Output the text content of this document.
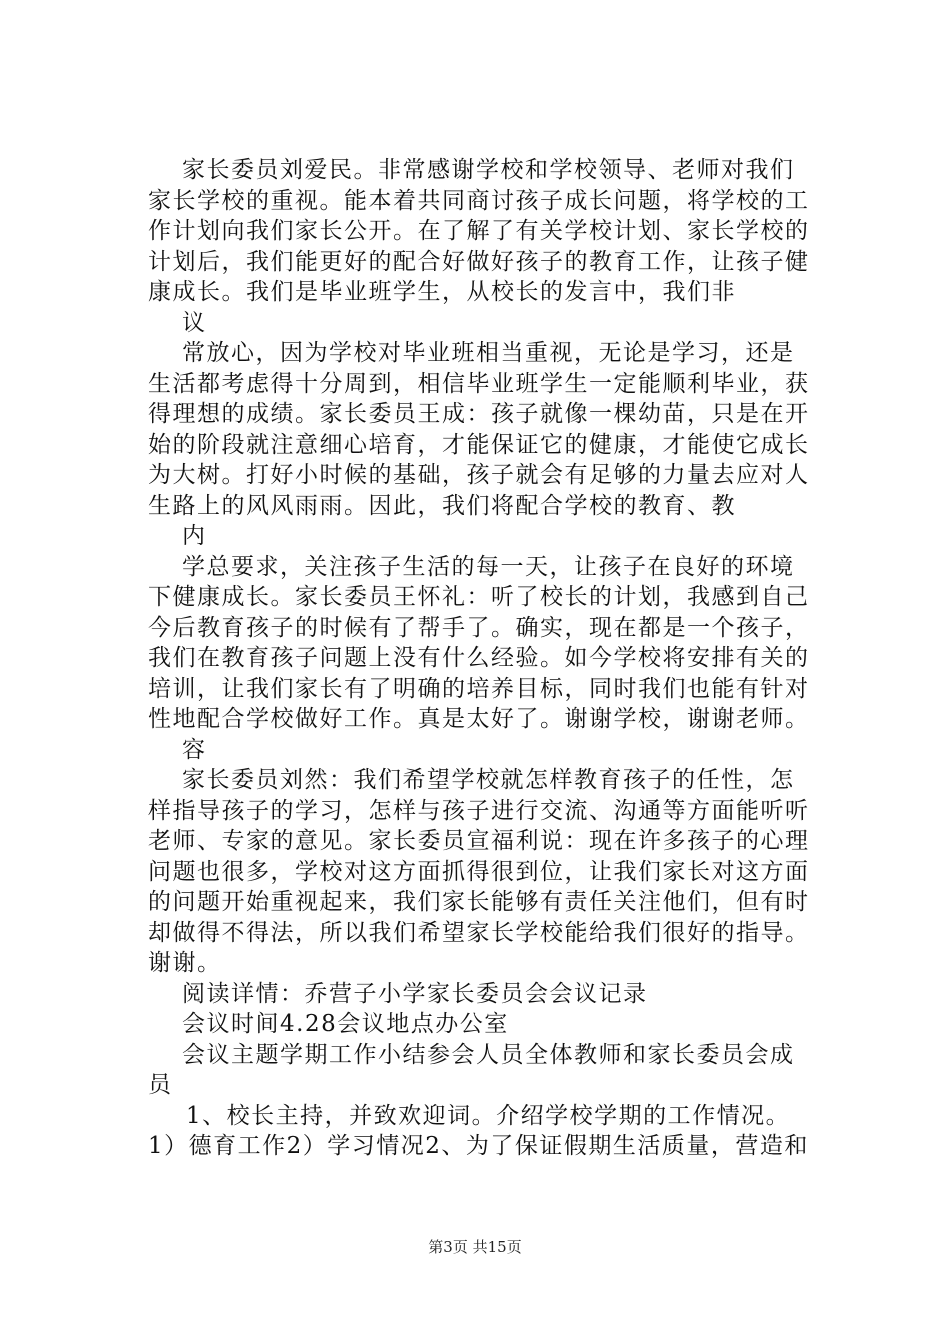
家长委员刘爱民。非常感谢学校和学校领导、老师对我们
家长学校的重视。能本着共同商讨孩子成长问题，将学校的工
作计划向我们家长公开。在了解了有关学校计划、家长学校的
计划后，我们能更好的配合好做好孩子的教育工作，让孩子健
康成长。我们是毕业班学生，从校长的发言中，我们非
议
常放心，因为学校对毕业班相当重视，无论是学习，还是
生活都考虑得十分周到，相信毕业班学生一定能顺利毕业，获
得理想的成绩。家长委员王成：孩子就像一棵幼苗，只是在开
始的阶段就注意细心培育，才能保证它的健康，才能使它成长
为大树。打好小时候的基础，孩子就会有足够的力量去应对人
生路上的风风雨雨。因此，我们将配合学校的教育、教
内
学总要求，关注孩子生活的每一天，让孩子在良好的环境
下健康成长。家长委员王怀礼：听了校长的计划，我感到自己
今后教育孩子的时候有了帮手了。确实，现在都是一个孩子，
我们在教育孩子问题上没有什么经验。如今学校将安排有关的
培训，让我们家长有了明确的培养目标，同时我们也能有针对
性地配合学校做好工作。真是太好了。谢谢学校，谢谢老师。
容
家长委员刘然：我们希望学校就怎样教育孩子的任性，怎
样指导孩子的学习，怎样与孩子进行交流、沟通等方面能听听
老师、专家的意见。家长委员宣福利说：现在许多孩子的心理
问题也很多，学校对这方面抓得很到位，让我们家长对这方面
的问题开始重视起来，我们家长能够有责任关注他们，但有时
却做得不得法，所以我们希望家长学校能给我们很好的指导。
谢谢。
阅读详情：乔营子小学家长委员会会议记录
会议时间4.28会议地点办公室
会议主题学期工作小结参会人员全体教师和家长委员会成
员
1、校长主持，并致欢迎词。介绍学校学期的工作情况。
1）德育工作2）学习情况2、为了保证假期生活质量，营造和
第3页 共15页
